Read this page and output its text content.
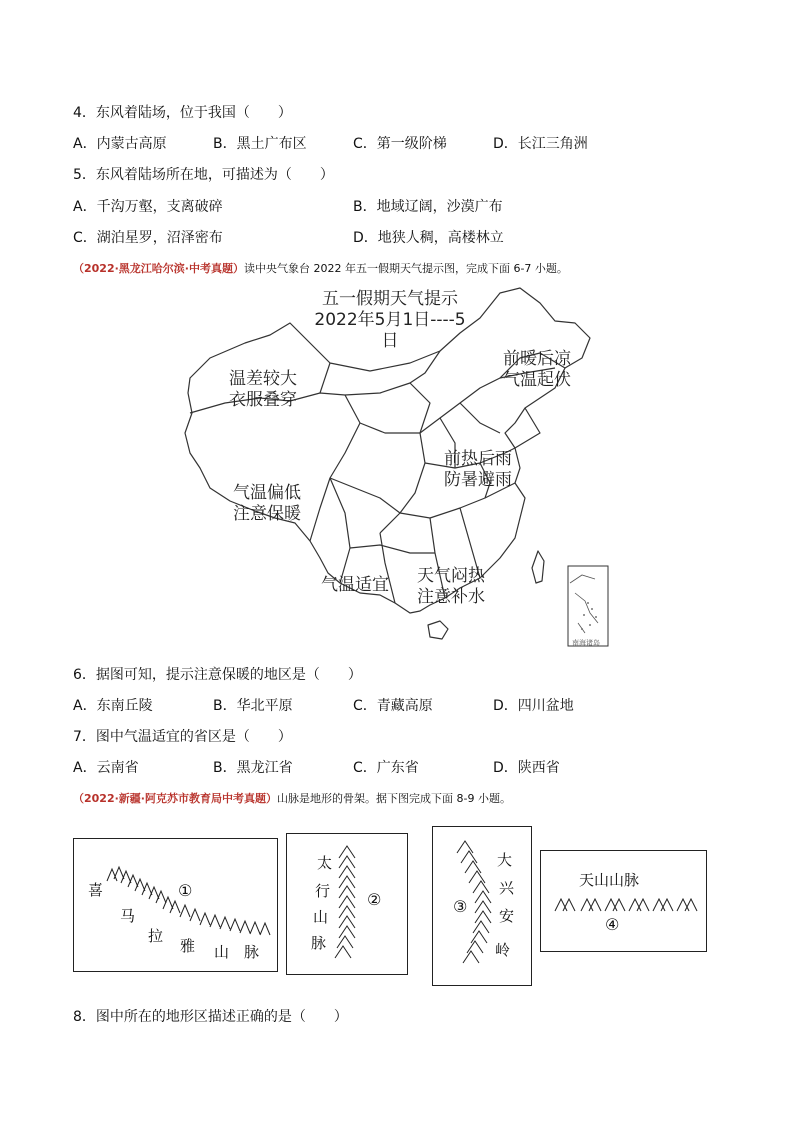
4．东风着陆场，位于我国（　　）
A．内蒙古高原	B．黑土广布区	C．第一级阶梯	D．长江三角洲
5．东风着陆场所在地，可描述为（　　）
A．千沟万壑，支离破碎	B．地域辽阔，沙漠广布
C．湖泊星罗，沼泽密布	D．地狭人稠，高楼林立
（2022·黑龙江哈尔滨·中考真题）读中央气象台 2022 年五一假期天气提示图，完成下面 6-7 小题。
五一假期天气提示
2022年5月1日----5日
温差较大
衣服叠穿
前暖后凉
气温起伏
前热后雨
防暑避雨
气温偏低
注意保暖
气温适宜	天气闷热
注意补水
南海诸岛
6．据图可知，提示注意保暖的地区是（　　）
A．东南丘陵	B．华北平原	C．青藏高原	D．四川盆地
7．图中气温适宜的省区是（　　）
A．云南省	B．黑龙江省	C．广东省	D．陕西省
（2022·新疆·阿克苏市教育局中考真题）山脉是地形的骨架。据下图完成下面 8-9 小题。
喜
马
拉
雅 山 脉
①
太
行
山
脉
②
大
兴
安
岭
③
天山山脉
④
8．图中所在的地形区描述正确的是（　　）
